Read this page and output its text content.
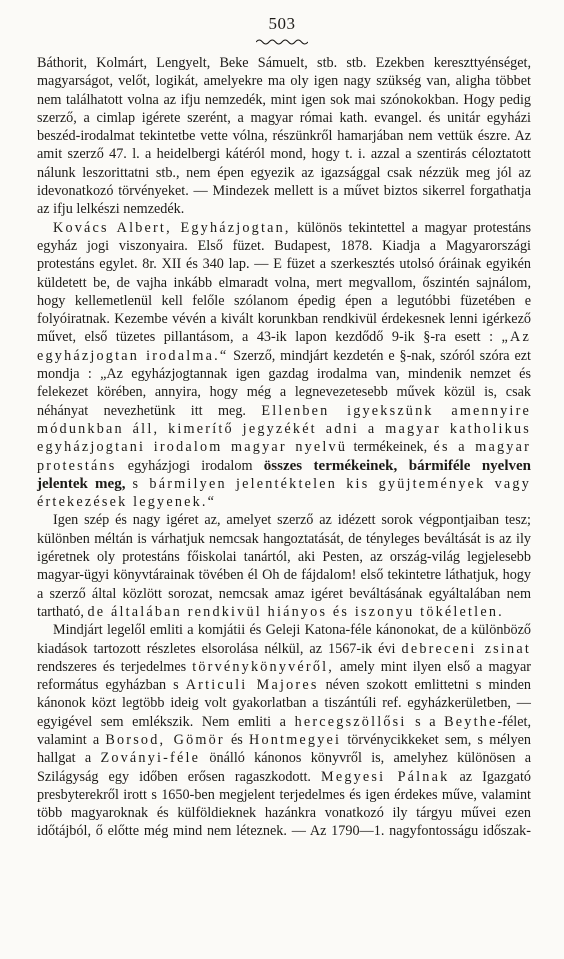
503

Báthorit, Kolmárt, Lengyelt, Beke Sámuelt, stb. stb. Ezekben kereszttyénséget, magyarságot, velőt, logikát, amelyekre ma oly igen nagy szükség van, aligha többet nem találhatott volna az ifju nemzedék, mint igen sok mai szónokokban. Hogy pedig szerző, a cimlap igérete szerént, a magyar római kath. evangel. és unitár egyházi beszéd-irodalmat tekintetbe vette vólna, részünkről hamarjában nem vettük észre. Az amit szerző 47. l. a heidelbergi kátéról mond, hogy t. i. azzal a szentirás céloztatott nálunk leszorittatni stb., nem épen egyezik az igazsággal csak nézzük meg jól az idevonatkozó törvényeket. — Mindezek mellett is a művet biztos sikerrel forgathatja az ifju lelkészi nemzedék.

Kovács Albert, Egyházjogtan, különös tekintettel a magyar protestáns egyház jogi viszonyaira. Első füzet. Budapest, 1878. Kiadja a Magyarországi protestáns egylet. 8r. XII és 340 lap. — E füzet a szerkesztés utolsó óráinak egyikén küldetett be, de vajha inkább elmaradt volna, mert megvallom, őszintén sajnálom, hogy kellemetlenül kell felőle szólanom épedig épen a legutóbbi füzetében e folyóiratnak. Kezembe vévén a kivált korunkban rendkivül érdekesnek lenni igérkező művet, első tüzetes pillantásom, a 43-ik lapon kezdődő 9-ik §-ra esett : „Az egyházjogtan irodalma.“ Szerző, mindjárt kezdetén e §-nak, szóról szóra ezt mondja : „Az egyházjogtannak igen gazdag irodalma van, mindenik nemzet és felekezet körében, annyira, hogy még a legnevezetesebb művek közül is, csak néhányat nevezhetünk itt meg. Ellenben igyekszünk amennyire módunkban áll, kimerítő jegyzékét adni a magyar katholikus egyházjogtani irodalom magyar nyelvü termékeinek, és a magyar protestáns egyházjogi irodalom összes termékeinek, bármiféle nyelven jelentek meg, s bármilyen jelentéktelen kis gyüjtemények vagy értekezések legyenek.“

Igen szép és nagy igéret az, amelyet szerző az idézett sorok végpontjaiban tesz; különben méltán is várhatjuk nemcsak hangoztatását, de tényleges beváltását is az ily igéretnek oly protestáns főiskolai tanártól, aki Pesten, az ország-világ legjelesebb magyar-ügyi könyvtárainak tövében él Oh de fájdalom! első tekintetre láthatjuk, hogy a szerző által közlött sorozat, nemcsak amaz igéret beváltásának egyáltalában nem tartható, de általában rendkivül hiányos és iszonyu tökéletlen.

Mindjárt legelől emliti a komjátii és Geleji Katona-féle kánonokat, de a különböző kiadások tartozott részletes elsorolása nélkül, az 1567-ik évi debreceni zsinat rendszeres és terjedelmes törvénykönyvéről, amely mint ilyen első a magyar református egyházban s Articuli Majores néven szokott emlittetni s minden kánonok közt legtöbb ideig volt gyakorlatban a tiszántúli ref. egyházkerületben, — egyigével sem emlékszik. Nem emliti a hercegszöllősi s a Beythe-félet, valamint a Borsod, Gömör és Hontmegyei törvénycikkeket sem, s mélyen hallgat a Zoványi-féle önálló kánonos könyvről is, amelyhez különösen a Szilágyság egy időben erősen ragaszkodott. Megyesi Pálnak az Igazgató presbyterekről irott s 1650-ben megjelent terjedelmes és igen érdekes műve, valamint több magyaroknak és külföldieknek hazánkra vonatkozó ily tárgyu művei ezen időtájból, ő előtte még mind nem léteznek. — Az 1790—1. nagyfontosságu időszak-
